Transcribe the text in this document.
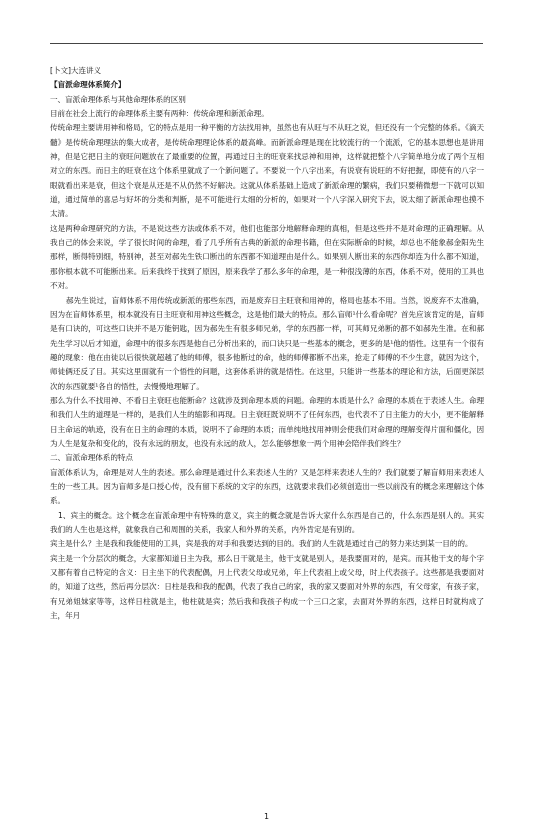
[卜文]大连讲义

【盲派命理体系简介】

一、盲派命理体系与其他命理体系的区别

目前在社会上流行的命理体系主要有两种：传统命理和新派命理。

传统命理主要讲用神和格局，它的特点是用一种平衡的方法找用神，虽然也有从旺与不从旺之说，但还没有一个完整的体系。《滴天髓》是传统命理理法的集大成者，是传统命理理论体系的最高峰。而新派命理是现在比较流行的一个流派，它的基本思想也是讲用神，但是它把日主的衰旺问题放在了最重要的位置，再通过日主的旺衰来找忌神和用神，这样就把整个八字简单地分成了两个互相对立的东西。而日主的旺衰在这个体系里就成了一个新问题了。不要说一个八字出来，有说衰有说旺的不好把握，即使有的八字一眼就看出来是衰，但这个衰是从还是不从仍然不好解决。这就从体系基础上造成了新派命理的繁病，我们只要稍微想一下就可以知道，通过简单的喜忌与好坏的分类和判断，是不可能进行太细的分析的，如果对一个八字深入研究下去，说太细了新派命理也摸不太清。

这是两种命理研究的方法，不是说这些方法或体系不对，他们也能部分地解释命理的真相，但是这些并不是对命理的正确理解。从我自己的体会来说，学了很长时间的命理，看了几乎所有古典的新派的命理书籍，但在实际断命的时候，却总也不能象郝金阳先生那样，断得特别细，特别神，甚至对郝先生铁口断出的东西都不知道理由是什么。如果别人断出来的东西你却连为什么都不知道，那你根本就不可能断出来。后来我终于找到了原因，原来我学了那么多年的命理，是一种很浅薄的东西，体系不对，使用的工具也不对。

郝先生说过，盲师体系不用传统或新派的那些东西，而是废弃日主旺衰和用神的，格局也基本不用。当然，说废弃不太准确，因为在盲师体系里，根本就没有日主旺衰和用神这些概念，这是他们最大的特点。那么盲师¹什么看命呢？首先应该肯定的是，盲师是有口诀的，可这些口诀并不是万能钥匙，因为郝先生有很多师兄弟，学的东西都一样，可其师兄弟断的都不如郝先生准。在和郝先生学习以后才知道，命理中的很多东西是他自己分析出来的，而口诀只是一些基本的概念，更多的是¹他的悟性。这里有一个很有趣的现象：他在由徒以后很快就超越了他的师傅，很多他断过的命，他的师傅都断不出来，抢走了师傅的不少生意，就因为这个，师徒俩还反了目。其实这里面就有一个悟性的问题，这套体系讲的就是悟性。在这里，只能讲一些基本的理论和方法，后面更深层次的东西就要¹各自的悟性，去慢慢地理解了。

那么为什么不找用神、不看日主衰旺也能断命？这就涉及到命理本质的问题。命理的本质是什么？命理的本质在于表述人生。命理和我们人生的道理是一样的，是我们人生的缩影和再现。日主衰旺既说明不了任何东西，也代表不了日主能力的大小，更不能解释日主命运的轨迹，没有在日主的命理的本质，说明不了命理的本质；而单纯地找用神则会使我们对命理的理解变得片面和僵化，因为人生是复杂和变化的，没有永远的朋友，也没有永远的敌人，怎么能够想象一两个用神会陪伴我们终生？

二、盲派命理体系的特点

盲派体系认为，命理是对人生的表述。那么命理是通过什么来表述人生的？又是怎样来表述人生的？我们就要了解盲师用来表述人生的一些工具。因为盲师多是口授心传，没有留下系统的文字的东西，这就要求我们必须创造出一些以前没有的概念来理解这个体系。

1、宾主的概念。这个概念在盲派命理中有特殊的意义，宾主的概念就是告诉大家什么东西是自己的，什么东西是别人的。其实我们的人生也是这样，就象我自己和周围的关系，我家人和外界的关系，内外肯定是有别的。

宾主是什么？主是我和我能使用的工具，宾是我的对手和我要达到的目的。我们的人生就是通过自己的努力来达到某一目的的。

宾主是一个分层次的概念，大家都知道日主为我，那么日干就是主，他干支就是别人，是我要面对的，是宾。而其他干支的每个字又都有着自己特定的含义：日主坐下的代表配偶，月上代表父母或兄弟，年上代表祖上或父母，时上代表孩子。这些都是我要面对的，知道了这些，然后再分层次：日柱是我和我的配偶，代表了我自己的家，我的家又要面对外界的东西，有父母家，有孩子家，有兄弟姐妹家等等，这样日柱就是主，他柱就是宾；然后我和我孩子构成一个三口之家，去面对外界的东西，这样日时就构成了主，年月

1
